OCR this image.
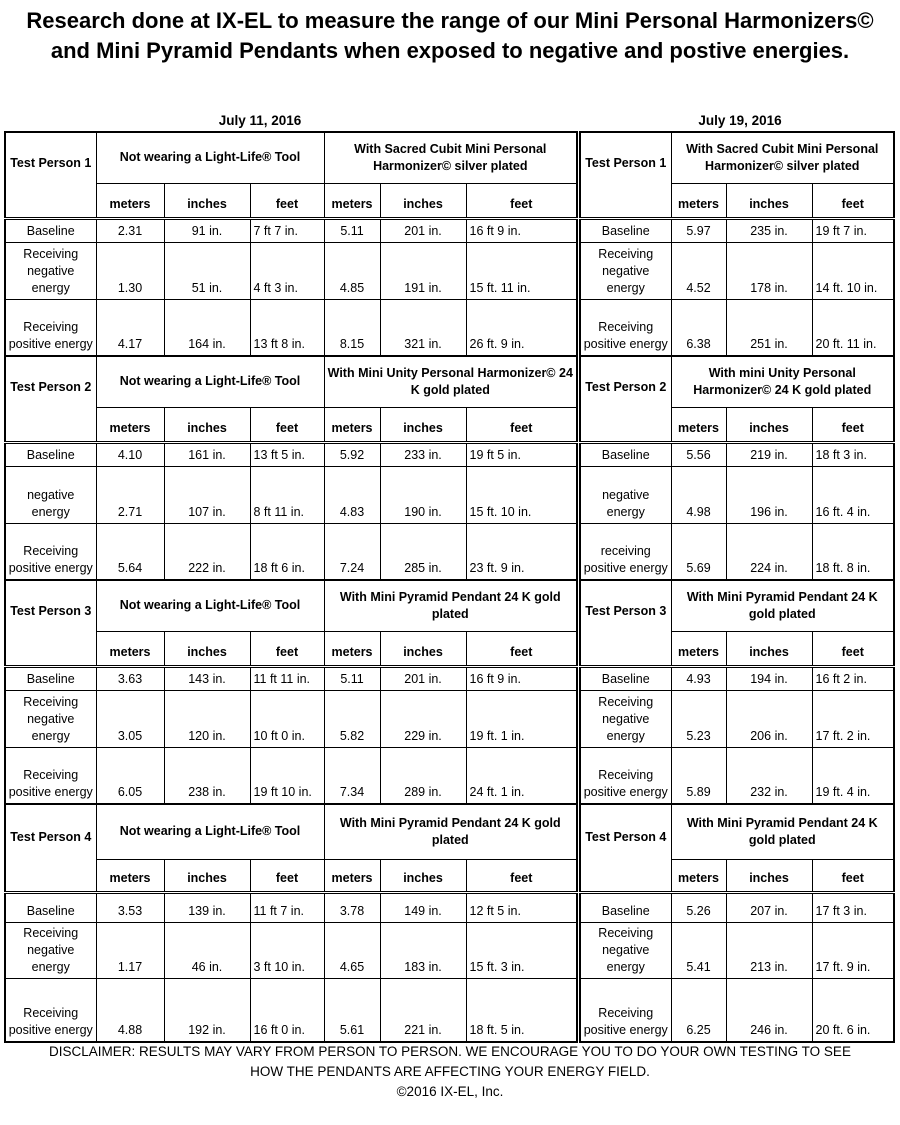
Research done at IX-EL to measure the range of our Mini Personal Harmonizers©
and Mini Pyramid Pendants when exposed to negative and postive energies.
July 11, 2016	July 19, 2016
Test Person 1	Not wearing a Light-Life® Tool			With Sacred Cubit Mini Personal Harmonizer© silver plated		
	meters	inches	feet	meters	inches	feet
Baseline	2.31	91 in.	7 ft 7 in.	5.11	201 in.	16 ft 9 in.
Receiving negative energy	1.30	51 in.	4 ft 3 in.	4.85	191 in.	15 ft. 11 in.
Receiving positive energy	4.17	164 in.	13 ft 8 in.	8.15	321 in.	26 ft. 9 in.
Test Person 2	Not wearing a Light-Life® Tool			With Mini Unity Personal Harmonizer© 24 K gold plated		
	meters	inches	feet	meters	inches	feet
Baseline	4.10	161 in.	13 ft 5 in.	5.92	233 in.	19 ft 5 in.
negative energy	2.71	107 in.	8 ft 11 in.	4.83	190 in.	15 ft. 10 in.
Receiving positive energy	5.64	222 in.	18 ft 6 in.	7.24	285 in.	23 ft. 9 in.
Test Person 3	Not wearing a Light-Life® Tool			With Mini Pyramid Pendant 24 K gold plated		
	meters	inches	feet	meters	inches	feet
Baseline	3.63	143 in.	11 ft 11 in.	5.11	201 in.	16 ft 9 in.
Receiving negative energy	3.05	120 in.	10 ft 0 in.	5.82	229 in.	19 ft. 1 in.
Receiving positive energy	6.05	238 in.	19 ft 10 in.	7.34	289 in.	24 ft. 1 in.
Test Person 4	Not wearing a Light-Life® Tool			With Mini Pyramid Pendant 24 K gold plated		
	meters	inches	feet	meters	inches	feet
Baseline	3.53	139 in.	11 ft 7 in.	3.78	149 in.	12 ft 5 in.
Receiving negative energy	1.17	46 in.	3 ft 10 in.	4.65	183 in.	15 ft. 3 in.
Receiving positive energy	4.88	192 in.	16 ft 0 in.	5.61	221 in.	18 ft. 5 in.
Test Person 1	With Sacred Cubit Mini Personal Harmonizer© silver plated		
	meters	inches	feet
Baseline	5.97	235 in.	19 ft 7 in.
Receiving negative energy	4.52	178 in.	14 ft. 10 in.
Receiving positive energy	6.38	251 in.	20 ft. 11 in.
Test Person 2	With mini Unity Personal Harmonizer© 24 K gold plated		
	meters	inches	feet
Baseline	5.56	219 in.	18 ft 3 in.
negative energy	4.98	196 in.	16 ft. 4 in.
receiving positive energy	5.69	224 in.	18 ft. 8 in.
Test Person 3	With Mini Pyramid Pendant 24 K gold plated		
	meters	inches	feet
Baseline	4.93	194 in.	16 ft 2 in.
Receiving negative energy	5.23	206 in.	17 ft. 2 in.
Receiving positive energy	5.89	232 in.	19 ft. 4 in.
Test Person 4	With Mini Pyramid Pendant 24 K gold plated		
	meters	inches	feet
Baseline	5.26	207 in.	17 ft 3 in.
Receiving negative energy	5.41	213 in.	17 ft. 9 in.
Receiving positive energy	6.25	246 in.	20 ft. 6 in.
DISCLAIMER: RESULTS MAY VARY FROM PERSON TO PERSON. WE ENCOURAGE YOU TO DO YOUR OWN TESTING TO SEE
HOW THE PENDANTS ARE AFFECTING YOUR ENERGY FIELD.
©2016 IX-EL, Inc.
